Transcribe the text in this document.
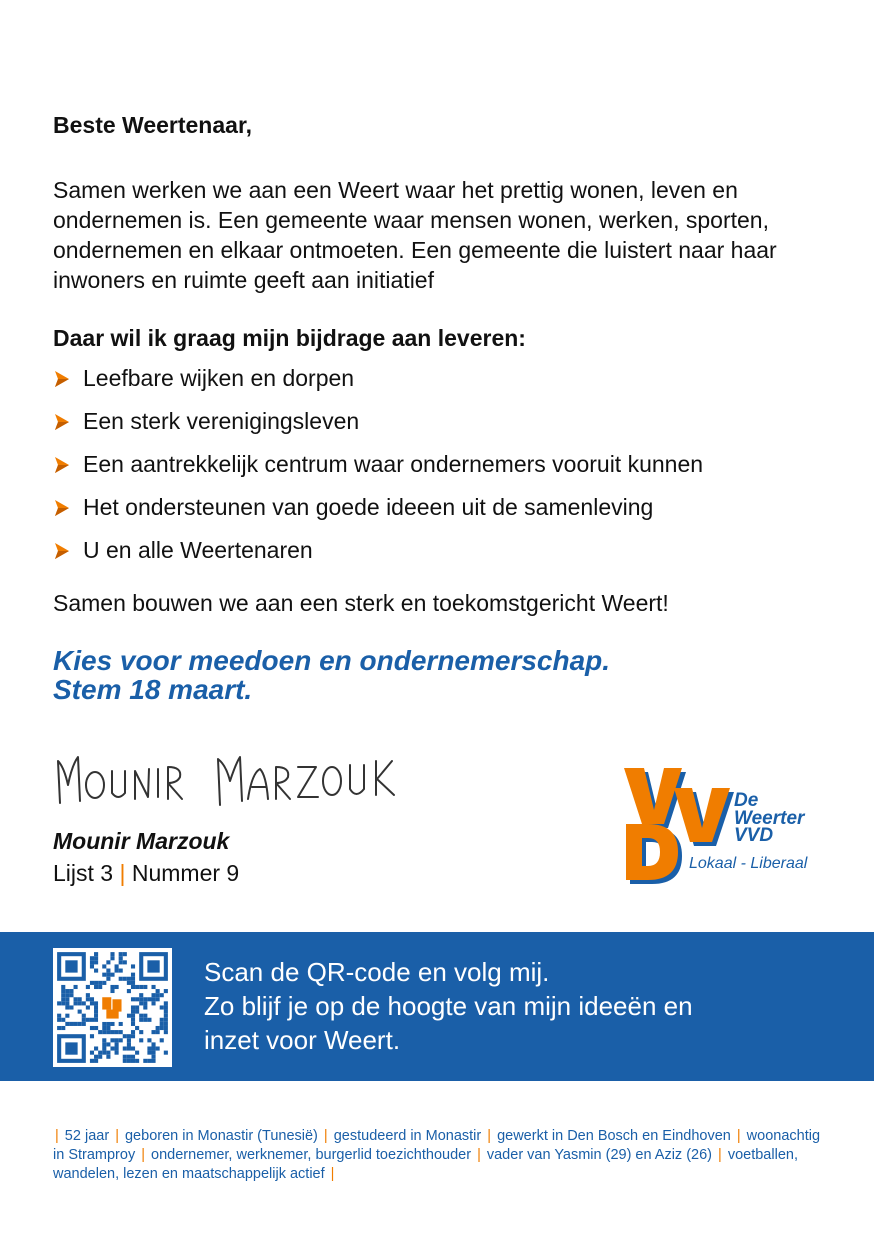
Beste Weertenaar,

Samen werken we aan een Weert waar het prettig wonen, leven en ondernemen is. Een gemeente waar mensen wonen, werken, sporten, ondernemen en elkaar ontmoeten. Een gemeente die luistert naar haar inwoners en ruimte geeft aan initiatief

Daar wil ik graag mijn bijdrage aan leveren:

Leefbare wijken en dorpen
Een sterk verenigingsleven
Een aantrekkelijk centrum waar ondernemers vooruit kunnen
Het ondersteunen van goede ideeen uit de samenleving
U en alle Weertenaren

Samen bouwen we aan een sterk en toekomstgericht Weert!

Kies voor meedoen en ondernemerschap.
Stem 18 maart.

Mounir Marzouk

Lijst 3 | Nummer 9

De
Weerter
VVD
Lokaal - Liberaal

Scan de QR-code en volg mij.
Zo blijf je op de hoogte van mijn ideeën en
inzet voor Weert.

| 52 jaar | geboren in Monastir (Tunesië) | gestudeerd in Monastir | gewerkt in Den Bosch en Eindhoven | woonachtig in Stramproy | ondernemer, werknemer, burgerlid toezichthouder | vader van Yasmin (29) en Aziz (26) | voetballen, wandelen, lezen en maatschappelijk actief |
